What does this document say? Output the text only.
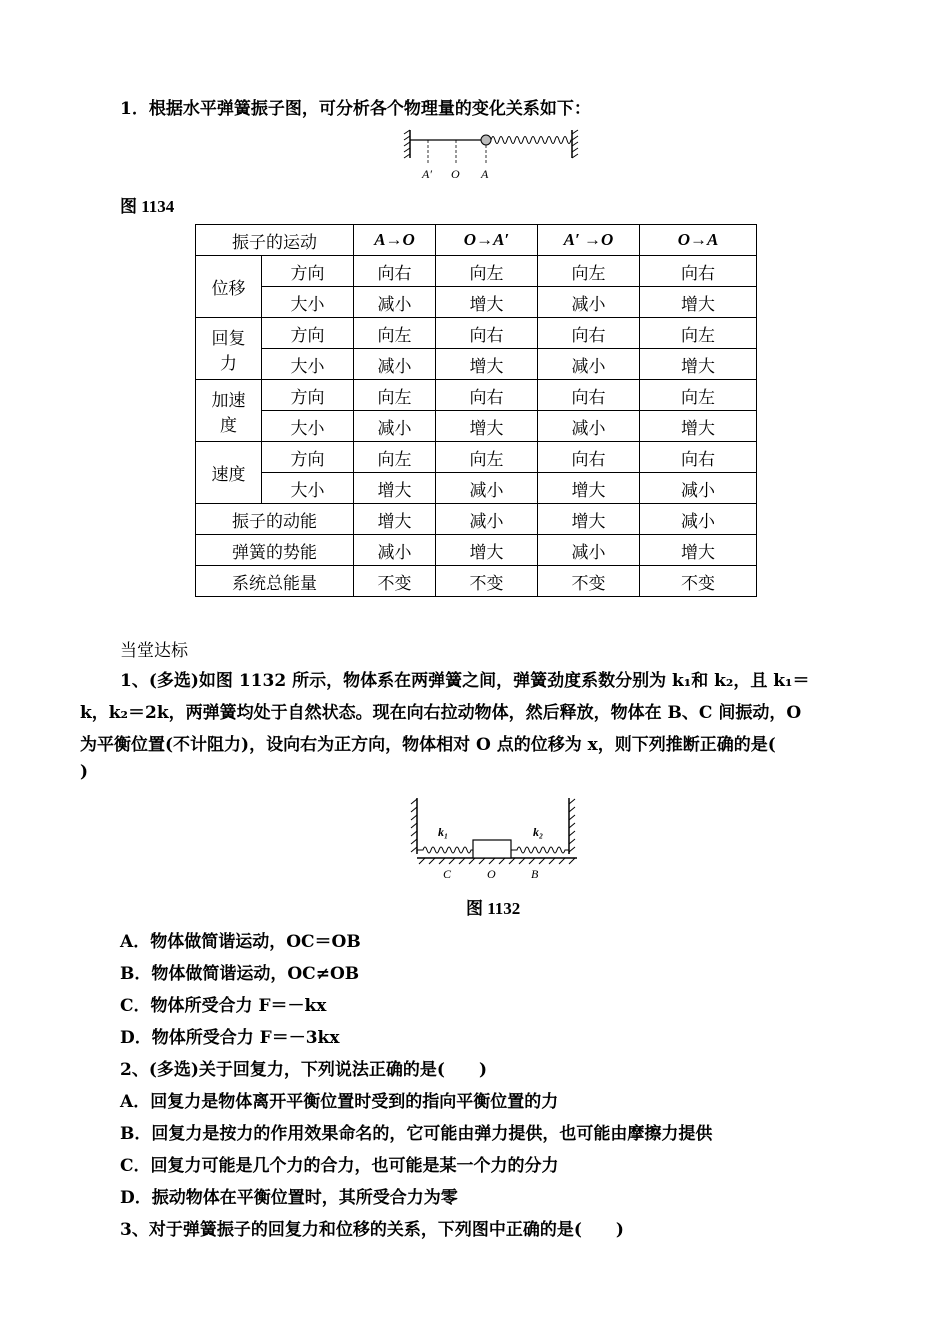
1．根据水平弹簧振子图，可分析各个物理量的变化关系如下：
A′ O A
图 1134
振子的运动		A→O	O→A′	A′ →O	O→A
位移	方向	向右	向左	向左	向右
	大小	减小	增大	减小	增大
回复
力	方向	向左	向右	向右	向左
	大小	减小	增大	减小	增大
加速
度	方向	向左	向右	向右	向左
	大小	减小	增大	减小	增大
速度	方向	向左	向左	向右	向右
	大小	增大	减小	增大	减小
振子的动能		增大	减小	增大	减小
弹簧的势能		减小	增大	减小	增大
系统总能量		不变	不变	不变	不变
当堂达标
1、(多选)如图 1132 所示，物体系在两弹簧之间，弹簧劲度系数分别为 k₁和 k₂，且 k₁＝
k，k₂＝2k，两弹簧均处于自然状态。现在向右拉动物体，然后释放，物体在 B、C 间振动，O
为平衡位置(不计阻力)，设向右为正方向，物体相对 O 点的位移为 x，则下列推断正确的是(
)
k₁	k₂
C	O	B
图 1132
A．物体做简谐运动，OC＝OB
B．物体做简谐运动，OC≠OB
C．物体所受合力 F＝－kx
D．物体所受合力 F＝－3kx
2、(多选)关于回复力，下列说法正确的是(　　)
A．回复力是物体离开平衡位置时受到的指向平衡位置的力
B．回复力是按力的作用效果命名的，它可能由弹力提供，也可能由摩擦力提供
C．回复力可能是几个力的合力，也可能是某一个力的分力
D．振动物体在平衡位置时，其所受合力为零
3、对于弹簧振子的回复力和位移的关系，下列图中正确的是(　　)
